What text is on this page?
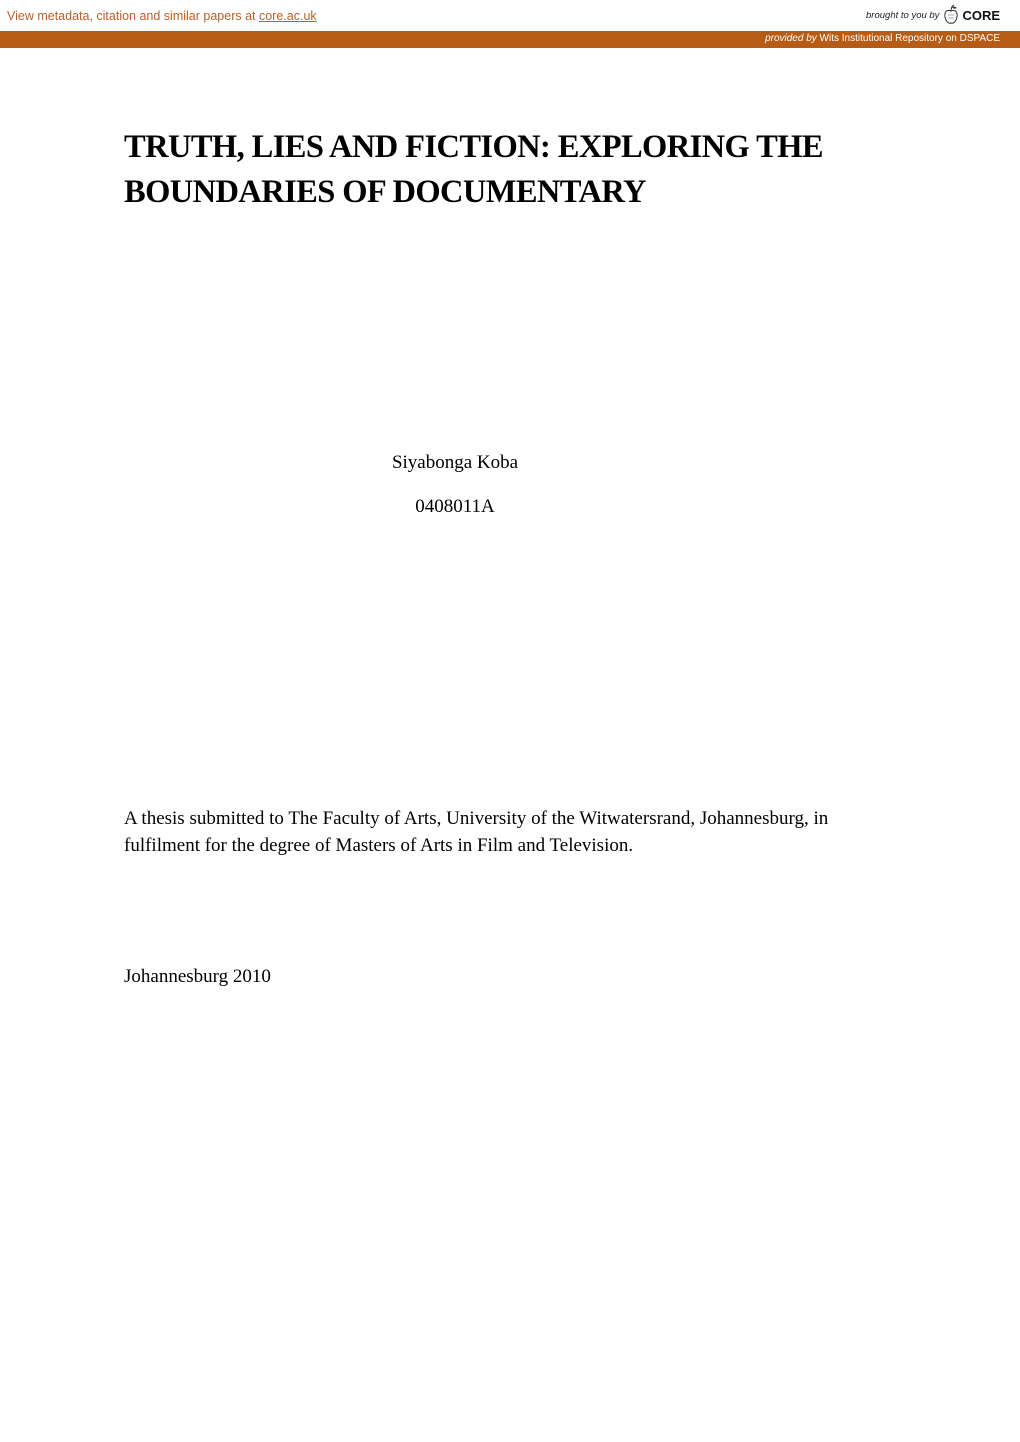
View metadata, citation and similar papers at core.ac.uk	brought to you by CORE
provided by Wits Institutional Repository on DSPACE
TRUTH, LIES AND FICTION: EXPLORING THE
BOUNDARIES OF DOCUMENTARY

Siyabonga Koba

0408011A

A thesis submitted to The Faculty of Arts, University of the Witwatersrand, Johannesburg, in fulfilment for the degree of Masters of Arts in Film and Television.

Johannesburg 2010
